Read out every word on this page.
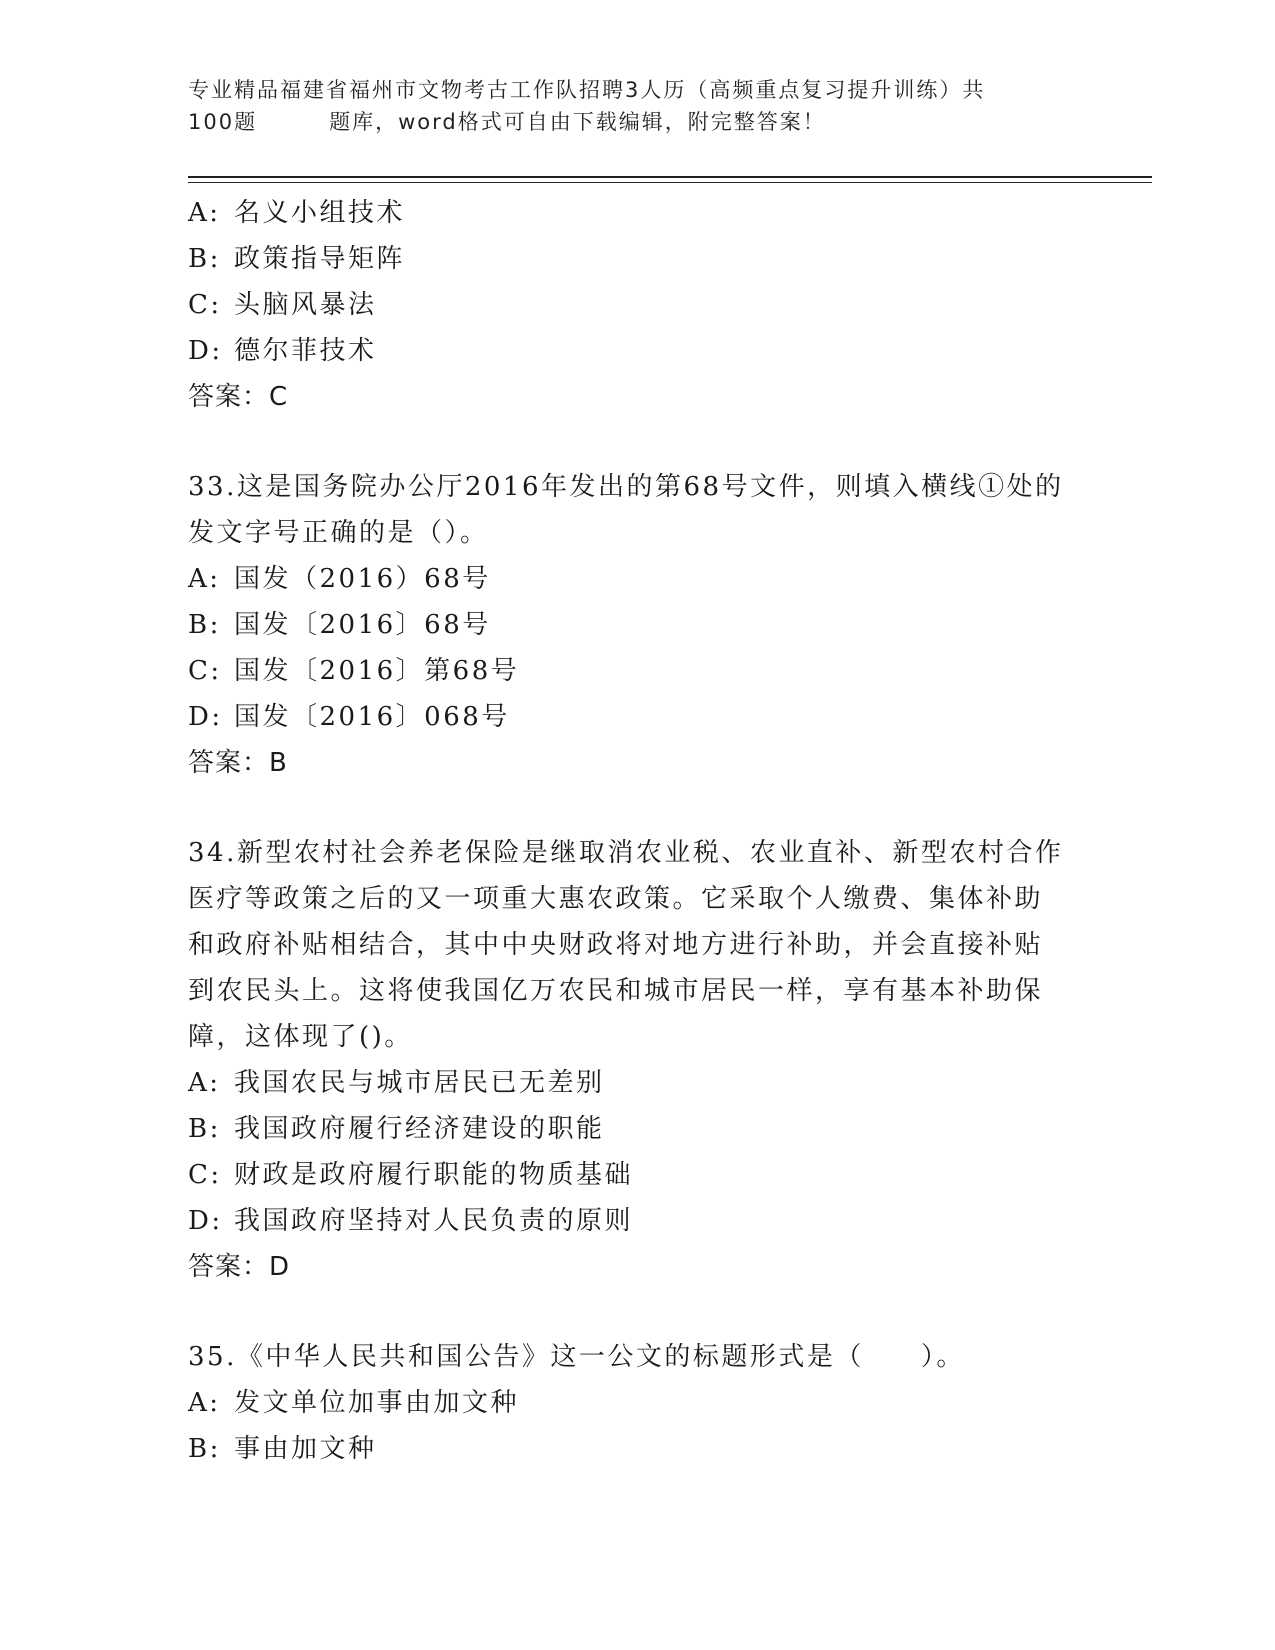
专业精品福建省福州市文物考古工作队招聘3人历（高频重点复习提升训练）共
100题	题库，word格式可自由下载编辑，附完整答案！
A: 名义小组技术
B: 政策指导矩阵
C: 头脑风暴法
D: 德尔菲技术
答案：C
33.这是国务院办公厅2016年发出的第68号文件，则填入横线①处的
发文字号正确的是（）。
A: 国发（2016）68号
B: 国发〔2016〕68号
C: 国发〔2016〕第68号
D: 国发〔2016〕068号
答案：B
34.新型农村社会养老保险是继取消农业税、农业直补、新型农村合作
医疗等政策之后的又一项重大惠农政策。它采取个人缴费、集体补助
和政府补贴相结合，其中中央财政将对地方进行补助，并会直接补贴
到农民头上。这将使我国亿万农民和城市居民一样，享有基本补助保
障，这体现了()。
A: 我国农民与城市居民已无差别
B: 我国政府履行经济建设的职能
C: 财政是政府履行职能的物质基础
D: 我国政府坚持对人民负责的原则
答案：D
35.《中华人民共和国公告》这一公文的标题形式是（　　）。
A: 发文单位加事由加文种
B: 事由加文种
